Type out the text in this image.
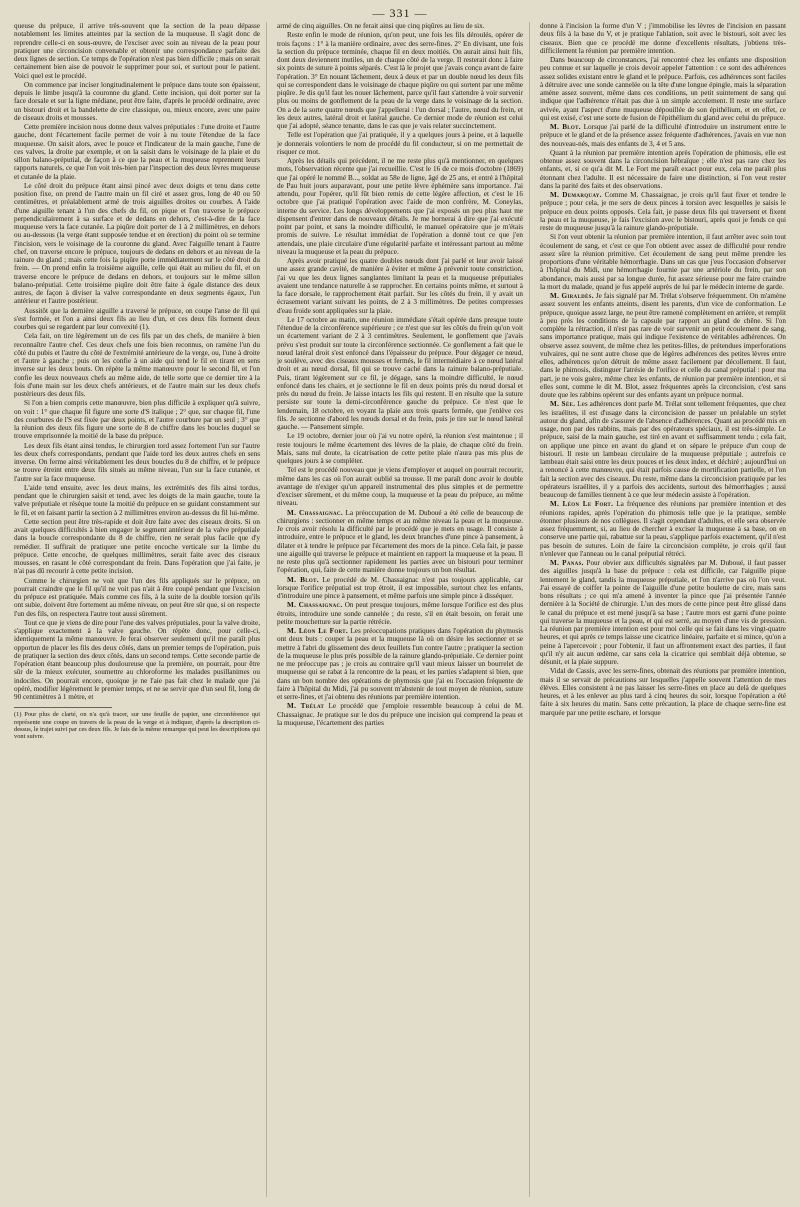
— 331 —

queuse du prépuce, il arrive très-souvent que la section de la peau dépasse notablement les limites atteintes par la section de la muqueuse. Il s'agit donc de reprendre celle-ci en sous-œuvre, de l'exciser avec soin au niveau de la peau pour pratiquer une circoncision convenable et obtenir une correspondance parfaite des deux lignes de section. Ce temps de l'opération n'est pas bien difficile ; mais on serait certainement bien aise de pouvoir le supprimer pour soi, et surtout pour le patient. Voici quel est le procédé.

On commence par inciser longitudinalement le prépuce dans toute son épaisseur, depuis le limbe jusqu'à la couronne du gland. Cette incision, qui doit porter sur la face dorsale et sur la ligne médiane, peut être faite, d'après le procédé ordinaire, avec un bistouri droit et la bandelette de cire classique, ou, mieux encore, avec une paire de ciseaux droits et mousses.

Cette première incision nous donne deux valves préputiales : l'une droite et l'autre gauche, dont l'écartement facile permet de voir à nu toute l'étendue de la face muqueuse. On saisit alors, avec le pouce et l'indicateur de la main gauche, l'une de ces valves, la droite par exemple, et on la saisit dans le voisinage de la plaie et du sillon balano-préputial, de façon à ce que la peau et la muqueuse reprennent leurs rapports naturels, ce que l'on voit très-bien par l'inspection des deux lèvres muqueuse et cutanée de la plaie.

Le côté droit du prépuce étant ainsi pincé avec deux doigts et tenu dans cette position fixe, on prend de l'autre main un fil ciré et assez gros, long de 40 ou 50 centimètres, et préalablement armé de trois aiguilles droites ou courbes. A l'aide d'une aiguille tenant à l'un des chefs du fil, on pique et l'on traverse le prépuce perpendiculairement à sa surface et de dedans en dehors, c'est-à-dire de la face muqueuse vers la face cutanée. La piqûre doit porter de 1 à 2 millimètres, en dehors ou au-dessous (la verge étant supposée tendue et en érection) du point où se termine l'incision, vers le voisinage de la couronne du gland. Avec l'aiguille tenant à l'autre chef, on traverse encore le prépuce, toujours de dedans en dehors et au niveau de la rainure du gland ; mais cette fois la piqûre porte immédiatement sur le côté droit du frein. — On prend enfin la troisième aiguille, celle qui était au milieu du fil, et on traverse encore le prépuce de dedans en dehors, et toujours sur le même sillon balano-préputial. Cette troisième piqûre doit être faite à égale distance des deux autres, de façon à diviser la valve correspondante en deux segments égaux, l'un antérieur et l'autre postérieur.

Aussitôt que la dernière aiguille a traversé le prépuce, on coupe l'anse de fil qui s'est formée, et l'on a ainsi deux fils au lieu d'un, et ces deux fils forment deux courbes qui se regardent par leur convexité (1).

Cela fait, on tire légèrement un de ces fils par un des chefs, de manière à bien reconnaître l'autre chef. Ces deux chefs une fois bien reconnus, on ramène l'un du côté du pubis et l'autre du côté de l'extrémité antérieure de la verge, ou, l'une à droite et l'autre à gauche ; puis on les confie à un aide qui tend le fil en tirant en sens inverse sur les deux bouts. On répète la même manœuvre pour le second fil, et l'on confie les deux nouveaux chefs au même aide, de telle sorte que ce dernier tire à la fois d'une main sur les deux chefs antérieurs, et de l'autre main sur les deux chefs postérieurs des deux fils.

Si l'on a bien compris cette manœuvre, bien plus difficile à expliquer qu'à suivre, on voit : 1° que chaque fil figure une sorte d'S italique ; 2° que, sur chaque fil, l'une des courbures de l'S est fixée par deux points, et l'autre courbure par un seul ; 3° que la réunion des deux fils figure une sorte de 8 de chiffre dans les boucles duquel se trouve emprisonnée la moitié de la base du prépuce.

Les deux fils étant ainsi tendus, le chirurgien tord assez fortement l'un sur l'autre les deux chefs correspondants, pendant que l'aide tord les deux autres chefs en sens inverse. On ferme ainsi véritablement les deux boucles du 8 de chiffre, et le prépuce se trouve étreint entre deux fils situés au même niveau, l'un sur la face cutanée, et l'autre sur la face muqueuse.

L'aide tend ensuite, avec les deux mains, les extrémités des fils ainsi tordus, pendant que le chirurgien saisit et tend, avec les doigts de la main gauche, toute la valve préputiale et résèque toute la moitié du prépuce en se guidant constamment sur le fil, et en faisant partir la section à 2 millimètres environ au-dessus du fil lui-même.

Cette section peut être très-rapide et doit être faite avec des ciseaux droits. Si on avait quelques difficultés à bien engager le segment antérieur de la valve préputiale dans la boucle correspondante du 8 de chiffre, rien ne serait plus facile que d'y remédier. Il suffirait de pratiquer une petite encoche verticale sur la limbe du prépuce. Cette encoche, de quelques millimètres, serait faite avec des ciseaux mousses, en rasant le côté correspondant du frein. Dans l'opération que j'ai faite, je n'ai pas dû recourir à cette petite incision.

Comme le chirurgien ne voit que l'un des fils appliqués sur le prépuce, on pourrait craindre que le fil qu'il ne voit pas n'ait à être coupé pendant que l'excision du prépuce est pratiquée. Mais comme ces fils, à la suite de la double torsion qu'ils ont subie, doivent être fortement au même niveau, on peut être sûr que, si on respecte l'un des fils, on respectera l'autre tout aussi sûrement.

Tout ce que je viens de dire pour l'une des valves préputiales, pour la valve droite, s'applique exactement à la valve gauche. On répète donc, pour celle-ci, identiquement la même manœuvre. Je ferai observer seulement qu'il me paraît plus opportun de placer les fils des deux côtés, dans un premier temps de l'opération, puis de pratiquer la section des deux côtés, dans un second temps. Cette seconde partie de l'opération étant beaucoup plus douloureuse que la première, on pourrait, pour être sûr de la mieux exécuter, soumettre au chloroforme les malades pusillanimes ou indociles. On pourrait encore, quoique je ne l'aie pas fait chez le malade que j'ai opéré, modifier légèrement le premier temps, et ne se servir que d'un seul fil, long de 90 centimètres à 1 mètre, et

(1) Pour plus de clarté, on n'a qu'à tracer, sur une feuille de papier, une circonférence qui représente une coupe en travers de la peau de la verge et à indiquer, d'après la description ci-dessus, le trajet suivi par ces deux fils. Je fais de la même remarque qui peut les descriptions qui vont suivre.

armé de cinq aiguilles. On ne ferait ainsi que cinq piqûres au lieu de six.

Reste enfin le mode de réunion, qu'on peut, une fois les fils déroulés, opérer de trois façons : 1° à la manière ordinaire, avec des serre-fines. 2° En divisant, une fois la section du prépuce terminée, chaque fil en deux moitiés. On aurait ainsi huit fils, dont deux deviennent inutiles, un de chaque côté de la verge. Il resterait donc à faire six points de suture à points séparés. C'est là le projet que j'avais conçu avant de faire l'opération. 3° En nouant lâchement, deux à deux et par un double nœud les deux fils qui se correspondent dans le voisinage de chaque piqûre ou qui sortent par une même piqûre. Je dis qu'il faut les nouer lâchement, parce qu'il faut s'attendre à voir survenir plus ou moins de gonflement de la peau de la verge dans le voisinage de la section. On a de la sorte quatre nœuds que j'appellerai : l'un dorsal ; l'autre, nœud du frein, et les deux autres, latéral droit et latéral gauche. Ce dernier mode de réunion est celui que j'ai adopté, séance tenante, dans le cas que je vais relater succinctement.

Telle est l'opération que j'ai pratiquée, il y a quelques jours à peine, et à laquelle je donnerais volontiers le nom de procédé du fil conducteur, si on me permettait de risquer ce mot.

Après les détails qui précèdent, il ne me reste plus qu'à mentionner, en quelques mots, l'observation récente que j'ai recueillie. C'est le 16 de ce mois d'octobre (1869) que j'ai opéré le nommé B..., soldat au 58e de ligne, âgé de 25 ans, et entré à l'hôpital de Pau huit jours auparavant, pour une petite lèvre éphémère sans importance. J'ai attendu, pour l'opérer, qu'il fût bien remis de cette légère affection, et c'est le 16 octobre que j'ai pratiqué l'opération avec l'aide de mon confrère, M. Coneylas, interne du service. Les longs développements que j'ai exposés un peu plus haut me dispensent d'entrer dans de nouveaux détails. Je me bornerai à dire que j'ai exécuté point par point, et sans la moindre difficulté, le manuel opératoire que je m'étais promis de suivre. Le résultat immédiat de l'opération a donné tout ce que j'en attendais, une plaie circulaire d'une régularité parfaite et intéressant partout au même niveau la muqueuse et la peau du prépuce.

Après avoir pratiqué les quatre doubles nœuds dont j'ai parlé et leur avoir laissé une assez grande cavité, de manière à éviter et même à prévenir toute constriction, j'ai vu que les deux lignes sanglantes limitant la peau et la muqueuse préputiales avaient une tendance naturelle à se rapprocher. En certains points même, et surtout à la face dorsale, le rapprochement était parfait. Sur les côtés du frein, il y avait un écrasement variant suivant les points, de 2 à 3 millimètres. De petites compresses d'eau froide sont appliquées sur la plaie.

Le 17 octobre au matin, une réunion immédiate s'était opérée dans presque toute l'étendue de la circonférence supérieure ; ce n'est que sur les côtés du frein qu'on voit un écartement variant de 2 à 3 centimètres. Seulement, le gonflement que j'avais prévu s'est produit sur toute la circonférence sectionnée. Ce gonflement a fait que le nœud latéral droit s'est enfoncé dans l'épaisseur du prépuce. Pour dégager ce nœud, je soulève, avec des ciseaux mousses et fermés, le fil intermédiaire à ce nœud latéral droit et au nœud dorsal, fil qui se trouve caché dans la rainure balano-préputiale. Puis, tirant légèrement sur ce fil, je dégage, sans la moindre difficulté, le nœud enfoncé dans les chairs, et je sectionne le fil en deux points près du nœud dorsal et près du nœud du frein. Je laisse intacts les fils qui restent. Il en résulte que la suture persiste sur toute la demi-circonférence gauche du prépuce. Ce n'est que le lendemain, 18 octobre, en voyant la plaie aux trois quarts fermée, que j'enlève ces fils. Je sectionne d'abord les nœuds dorsal et du frein, puis je tire sur le nœud latéral gauche. — Pansement simple.

Le 19 octobre, dernier jour où j'ai vu notre opéré, la réunion s'est maintenue ; il reste toujours le même écartement des lèvres de la plaie, de chaque côté du frein. Mais, sans nul doute, la cicatrisation de cette petite plaie n'aura pas mis plus de quelques jours à se compléter.

Tel est le procédé nouveau que je viens d'employer et auquel on pourrait recourir, même dans les cas où l'on aurait oublié sa trousse. Il me paraît donc avoir le double avantage de n'exiger qu'un appareil instrumental des plus simples et de permettre d'exciser sûrement, et du même coup, la muqueuse et la peau du prépuce, au même niveau.

M. Chassaignac. La préoccupation de M. Duboué a été celle de beaucoup de chirurgiens : sectionner en même temps et au même niveau la peau et la muqueuse. Je crois avoir résolu la difficulté par le procédé que je mets en usage. Il consiste à introduire, entre le prépuce et le gland, les deux branches d'une pince à pansement, à dilater et à tendre le prépuce par l'écartement des mors de la pince. Cela fait, je passe une aiguille qui traverse le prépuce et maintient en rapport la muqueuse et la peau. Il ne reste plus qu'à sectionner rapidement les parties avec un bistouri pour terminer l'opération, qui, faite de cette manière donne toujours un bon résultat.

M. Blot. Le procédé de M. Chassaignac n'est pas toujours applicable, car lorsque l'orifice préputial est trop étroit, il est impossible, surtout chez les enfants, d'introduire une pince à pansement, et même parfois une simple pince à disséquer.

M. Chassaignac. On peut presque toujours, même lorsque l'orifice est des plus étroits, introduire une sonde cannelée ; du reste, s'il en était besoin, on ferait une petite mouchetture sur la partie rétrécie.

M. Léon Le Fort. Les préoccupations pratiques dans l'opération du phymosis ont deux buts : couper la peau et la muqueuse là où on désire les sectionner et se mettre à l'abri du glissement des deux feuillets l'un contre l'autre ; pratiquer la section de la muqueuse le plus près possible de la rainure glando-préputiale. Ce dernier point ne me préoccupe pas ; je crois au contraire qu'il vaut mieux laisser un bourrelet de muqueuse qui se rabat à la rencontre de la peau, et les parties s'adaptent si bien, que dans un bon nombre des opérations de phymosis que j'ai eu l'occasion fréquente de faire à l'hôpital du Midi, j'ai pu souvent m'abstenir de tout moyen de réunion, suture et serre-fines, et j'ai obtenu des réunions par première intention.

M. Trélat Le procédé que j'emploie ressemble beaucoup à celui de M. Chassaignac. Je pratique sur le dos du prépuce une incision qui comprend la peau et la muqueuse, l'écartement des parties

donne à l'incision la forme d'un V ; j'immobilise les lèvres de l'incision en passant deux fils à la base du V, et je pratique l'ablation, soit avec le bistouri, soit avec les ciseaux. Bien que ce procédé me donne d'excellents résultats, j'obtiens très-difficilement la réunion par première intention.

Dans beaucoup de circonstances, j'ai rencontré chez les enfants une disposition peu connue et sur laquelle je crois devoir appeler l'attention : ce sont des adhérences assez solides existant entre le gland et le prépuce. Parfois, ces adhérences sont faciles à détruire avec une sonde cannelée ou la tête d'une longue épingle, mais la séparation amène assez souvent, même dans ces conditions, un petit suintement de sang qui indique que l'adhérence n'était pas due à un simple accolement. Il reste une surface avivée, ayant l'aspect d'une muqueuse dépouillée de son épithélium, et en effet, ce qui est exisé, c'est une sorte de fusion de l'épithélium du gland avec celui du prépuce.

M. Blot. Lorsque j'ai parlé de la difficulté d'introduire un instrument entre le prépuce et le gland et de la présence assez fréquente d'adhérences, j'avais en vue non des nouveau-nés, mais des enfants de 3, 4 et 5 ans.

Quant à la réunion par première intention après l'opération de phimosis, elle est obtenue assez souvent dans la circoncision hébraïque ; elle n'est pas rare chez les enfants, et, si ce qu'a dit M. Le Fort me paraît exact pour eux, cela me paraît plus étonnant chez l'adulte. Il est nécessaire de faire une distinction, si l'on veut rester dans la parité des faits et des observations.

M. Demarquay. Comme M. Chassaignac, je crois qu'il faut fixer et tendre le prépuce ; pour cela, je me sers de deux pinces à torsion avec lesquelles je saisis le prépuce en deux points opposés. Cela fait, je passe deux fils qui traversent et fixent la peau et la muqueuse, je fais l'excision avec le bistouri, après quoi je fends ce qui reste de muqueuse jusqu'à la rainure glando-préputiale.

Si l'on veut obtenir la réunion par première intention, il faut arrêter avec soin tout écoulement de sang, et c'est ce que l'on obtient avec assez de difficulté pour rendre assez sûre la réunion primitive. Cet écoulement de sang peut même prendre les proportions d'une véritable hémorrhagie. Dans un cas que j'eus l'occasion d'observer à l'hôpital du Midi, une hémorrhagie fournie par une artériole du frein, par son abondance, mais aussi par sa longue durée, fut assez sérieuse pour me faire craindre la mort du malade, quand je fus appelé auprès de lui par le médecin interne de garde.

M. Giraldès. Je fais signalé par M. Trélat s'observe fréquemment. On m'amène assez souvent les enfants atteints, disent les parents, d'un vice de conformation. Le prépuce, quoique assez large, ne peut être ramené complètement en arrière, et remplit à peu près les conditions de la capsule par rapport au gland de chêne. Si l'on complète la rétraction, il n'est pas rare de voir survenir un petit écoulement de sang, sans importance pratique, mais qui indique l'existence de véritables adhérences. On observe assez souvent, de même chez les petites-filles, de prétendues imperforations vulvaires, qui ne sont autre chose que de légères adhérences des petites lèvres entre elles, adhérences qu'on détruit de même assez facilement par décollement. Il faut, dans le phimosis, distinguer l'atrésie de l'orifice et celle du canal préputial : pour ma part, je ne vois guère, même chez les enfants, de réunion par première intention, et si elles sont, comme le dit M. Blot, assez fréquentes après la circoncision, c'est sans doute que les rabbins opèrent sur des enfants ayant un prépuce normal.

M. Sée. Les adhérences dont parle M. Trélat sont tellement fréquentes, que chez les israélites, il est d'usage dans la circoncision de passer un préalable un stylet autour du gland, afin de s'assurer de l'absence d'adhérences. Quant au procédé mis en usage, non par des rabbins, mais par des opérateurs spéciaux, il est très-simple. Le prépuce, saisi de la main gauche, est tiré en avant et suffisamment tendu ; cela fait, on applique une pince en avant du gland et on sépare le prépuce d'un coup de bistouri. Il reste un lambeau circulaire de la muqueuse préputiale ; autrefois ce lambeau était saisi entre les deux pouces et les deux index, et déchiré ; aujourd'hui on a renoncé à cette manœuvre, qui était parfois cause de mortification partielle, et l'on fait la section avec des ciseaux. Du reste, même dans la circoncision pratiquée par les opérateurs israélites, il y a parfois des accidents, surtout des hémorrhagies ; aussi beaucoup de familles tiennent à ce que leur médecin assiste à l'opération.

M. Léon Le Fort. La fréquence des réunions par première intention et des réunions rapides, après l'opération du phimosis telle que je la pratique, semble étonner plusieurs de nos collègues. Il s'agit cependant d'adultes, et elle sera observée assez fréquemment, si, au lieu de chercher à exciser la muqueuse à sa base, on en conserve une partie qui, rabattue sur la peau, s'applique parfois exactement, qu'il n'est pas besoin de sutures. Loin de faire la circoncision complète, je crois qu'il faut n'enlever que l'anneau ou le canal préputial rétréci.

M. Panas. Pour obvier aux difficultés signalées par M. Duboué, il faut passer des aiguilles jusqu'à la base du prépuce : cela est difficile, car l'aiguille pique lentement le gland, tandis la muqueuse préputiale, et l'on n'arrive pas où l'on veut. J'ai essayé de coiffer la pointe de l'aiguille d'une petite boulette de cire, mais sans bons résultats ; ce qui m'a amené à inventer la pince que j'ai présentée l'année dernière à la Société de chirurgie. L'un des mors de cette pince peut être glissé dans le canal du prépuce et est mené jusqu'à sa base ; l'autre mors est garni d'une pointe qui traverse la muqueuse et la peau, et qui est serré, au moyen d'une vis de pression. La réunion par première intention est pour moi celle qui se fait dans les vingt-quatre heures, et qui après ce temps laisse une cicatrice linéaire, parfaite et si mince, qu'on a peine à l'apercevoir ; pour l'obtenir, il faut un affrontement exact des parties, il faut qu'il n'y ait aucun œdème, car sans cela la cicatrice qui semblait déjà obtenue, se désunit, et la plaie suppure.

Vidal de Cassis, avec les serre-fines, obtenait des réunions par première intention, mais il se servait de précautions sur lesquelles j'appelle souvent l'attention de mes élèves. Elles consistent à ne pas laisser les serre-fines en place au delà de quelques heures, et à les enlever au plus tard à cinq heures du soir, lorsque l'opération a été faite à six heures du matin. Sans cette précaution, la place de chaque serre-fine est marquée par une petite eschare, et lorsque
